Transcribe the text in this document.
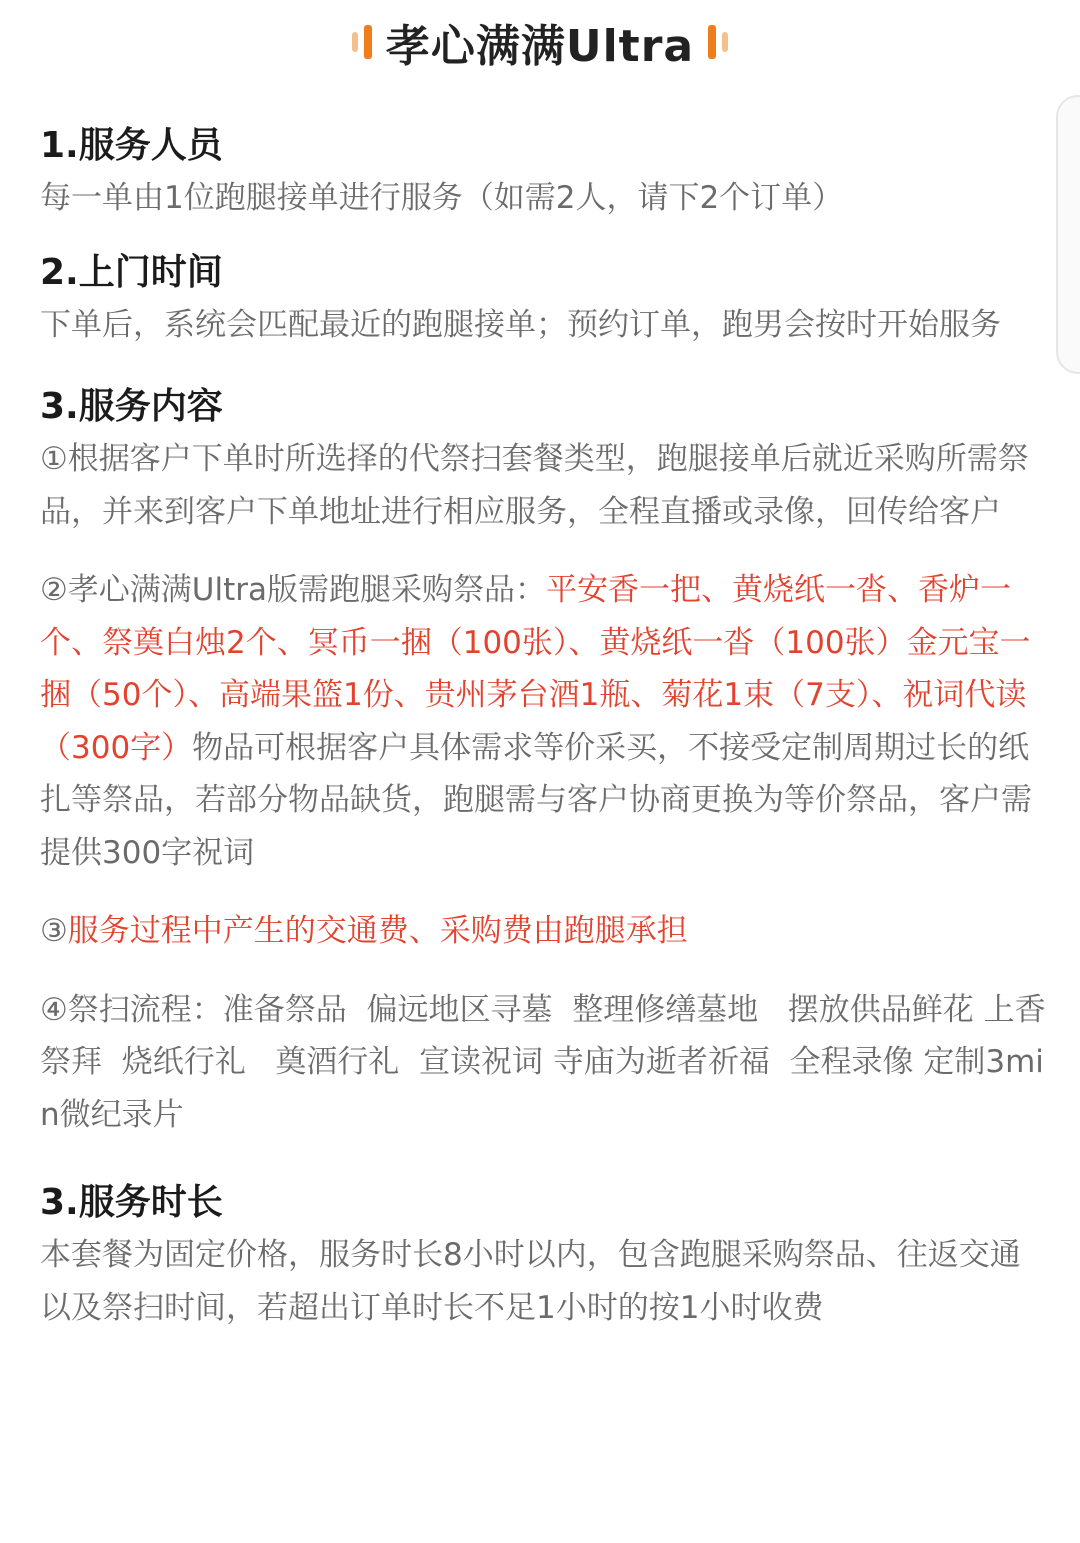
孝心满满Ultra

1.服务人员

每一单由1位跑腿接单进行服务（如需2人，请下2个订单）

2.上门时间

下单后，系统会匹配最近的跑腿接单；预约订单，跑男会按时开始服务

3.服务内容

①根据客户下单时所选择的代祭扫套餐类型，跑腿接单后就近采购所需祭品，并来到客户下单地址进行相应服务，全程直播或录像，回传给客户

②孝心满满Ultra版需跑腿采购祭品：平安香一把、黄烧纸一沓、香炉一个、祭奠白烛2个、冥币一捆（100张）、黄烧纸一沓（100张）金元宝一捆（50个）、高端果篮1份、贵州茅台酒1瓶、菊花1束（7支）、祝词代读（300字）物品可根据客户具体需求等价采买，不接受定制周期过长的纸扎等祭品，若部分物品缺货，跑腿需与客户协商更换为等价祭品，客户需提供300字祝词

③服务过程中产生的交通费、采购费由跑腿承担

④祭扫流程：准备祭品  偏远地区寻墓  整理修缮墓地   摆放供品鲜花 上香祭拜  烧纸行礼   奠酒行礼  宣读祝词 寺庙为逝者祈福  全程录像 定制3min微纪录片

3.服务时长

本套餐为固定价格，服务时长8小时以内，包含跑腿采购祭品、往返交通以及祭扫时间，若超出订单时长不足1小时的按1小时收费
